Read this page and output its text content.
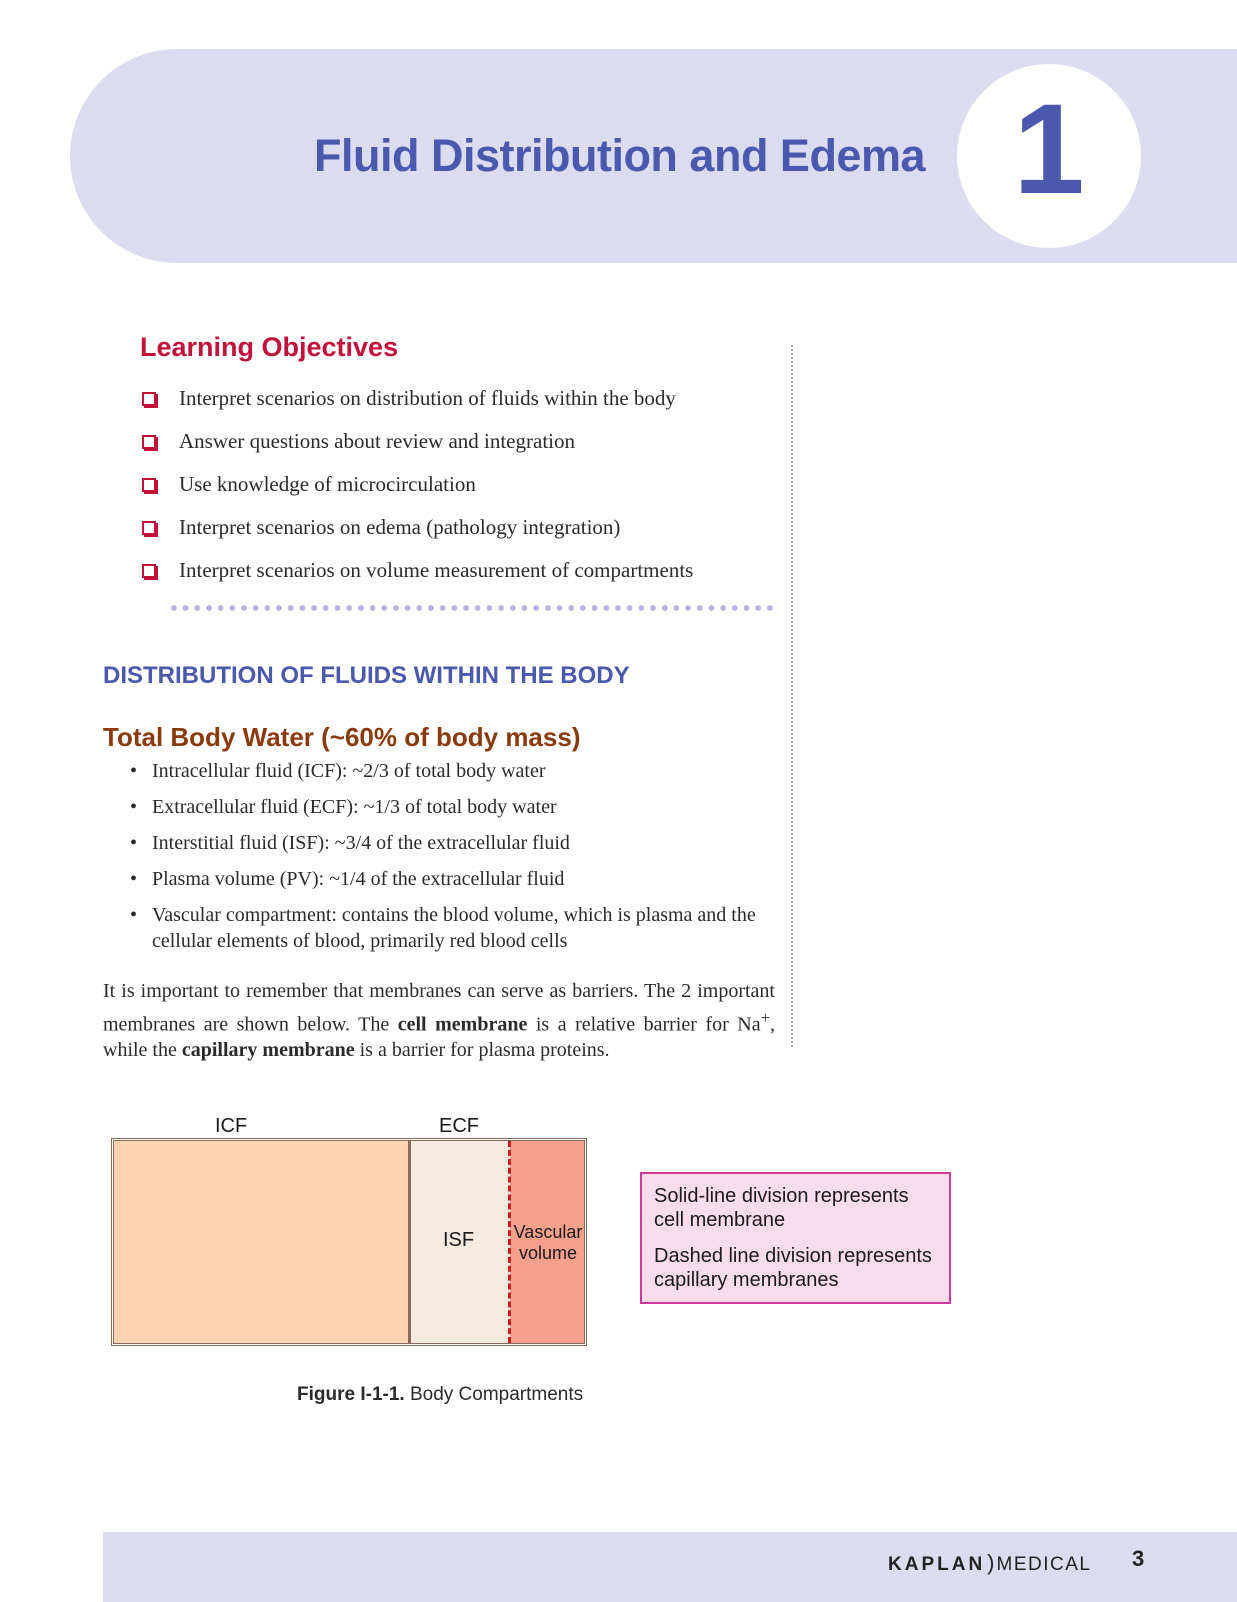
Fluid Distribution and Edema 1
Learning Objectives
Interpret scenarios on distribution of fluids within the body
Answer questions about review and integration
Use knowledge of microcirculation
Interpret scenarios on edema (pathology integration)
Interpret scenarios on volume measurement of compartments
DISTRIBUTION OF FLUIDS WITHIN THE BODY
Total Body Water (~60% of body mass)
• Intracellular fluid (ICF): ~2/3 of total body water
• Extracellular fluid (ECF): ~1/3 of total body water
• Interstitial fluid (ISF): ~3/4 of the extracellular fluid
• Plasma volume (PV): ~1/4 of the extracellular fluid
• Vascular compartment: contains the blood volume, which is plasma and the cellular elements of blood, primarily red blood cells

It is important to remember that membranes can serve as barriers. The 2 important membranes are shown below. The cell membrane is a relative barrier for Na+, while the capillary membrane is a barrier for plasma proteins.

ICF	ECF
ISF Vascular
volume
Solid-line division represents
cell membrane
Dashed line division represents
capillary membranes
Figure I-1-1. Body Compartments
KAPLAN) MEDICAL 3
